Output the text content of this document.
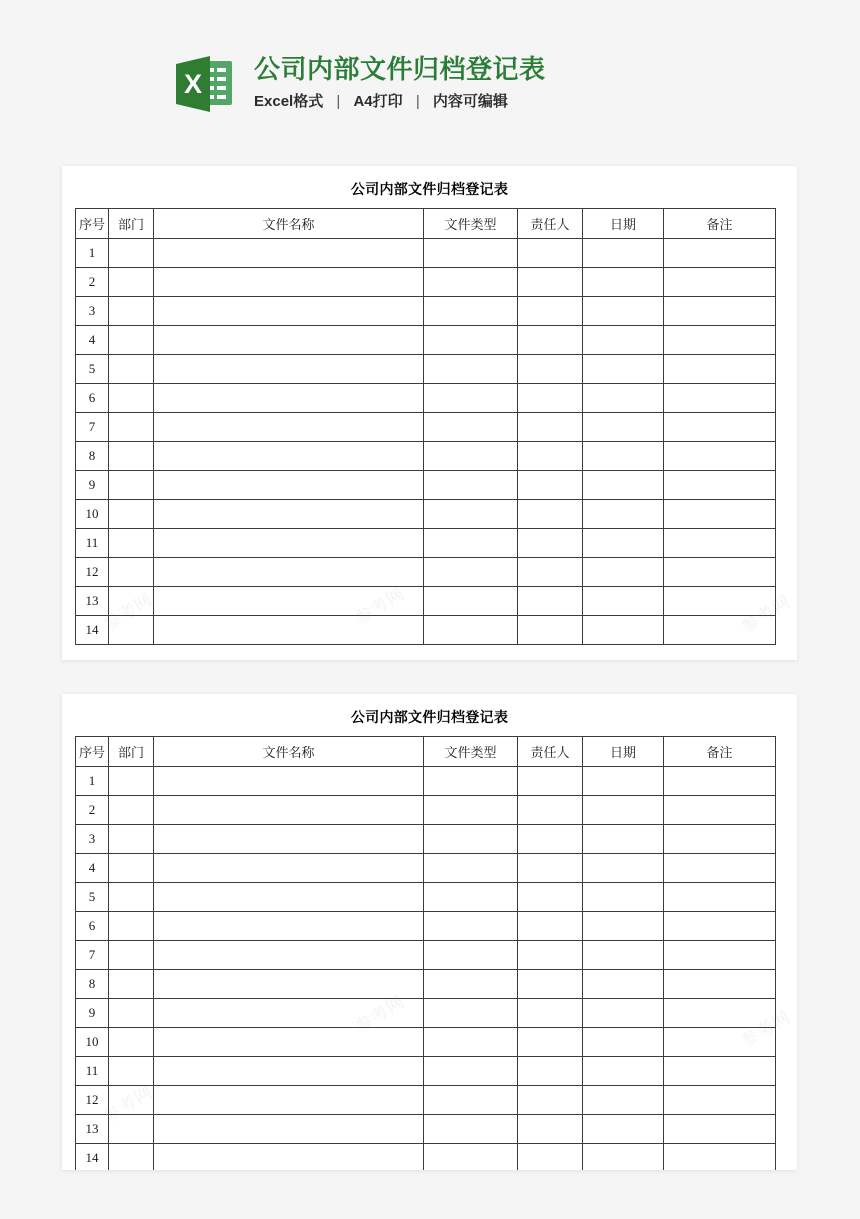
X	公司内部文件归档登记表
Excel格式 | A4打印 | 内容可编辑
公司内部文件归档登记表
序号	部门	文件名称	文件类型	责任人	日期	备注
1						
2						
3						
4						
5						
6						
7						
8						
9						
10						
11						
12						
13						
14						
公司内部文件归档登记表
序号	部门	文件名称	文件类型	责任人	日期	备注
1						
2						
3						
4						
5						
6						
7						
8						
9						
10						
11						
12						
13						
14						
